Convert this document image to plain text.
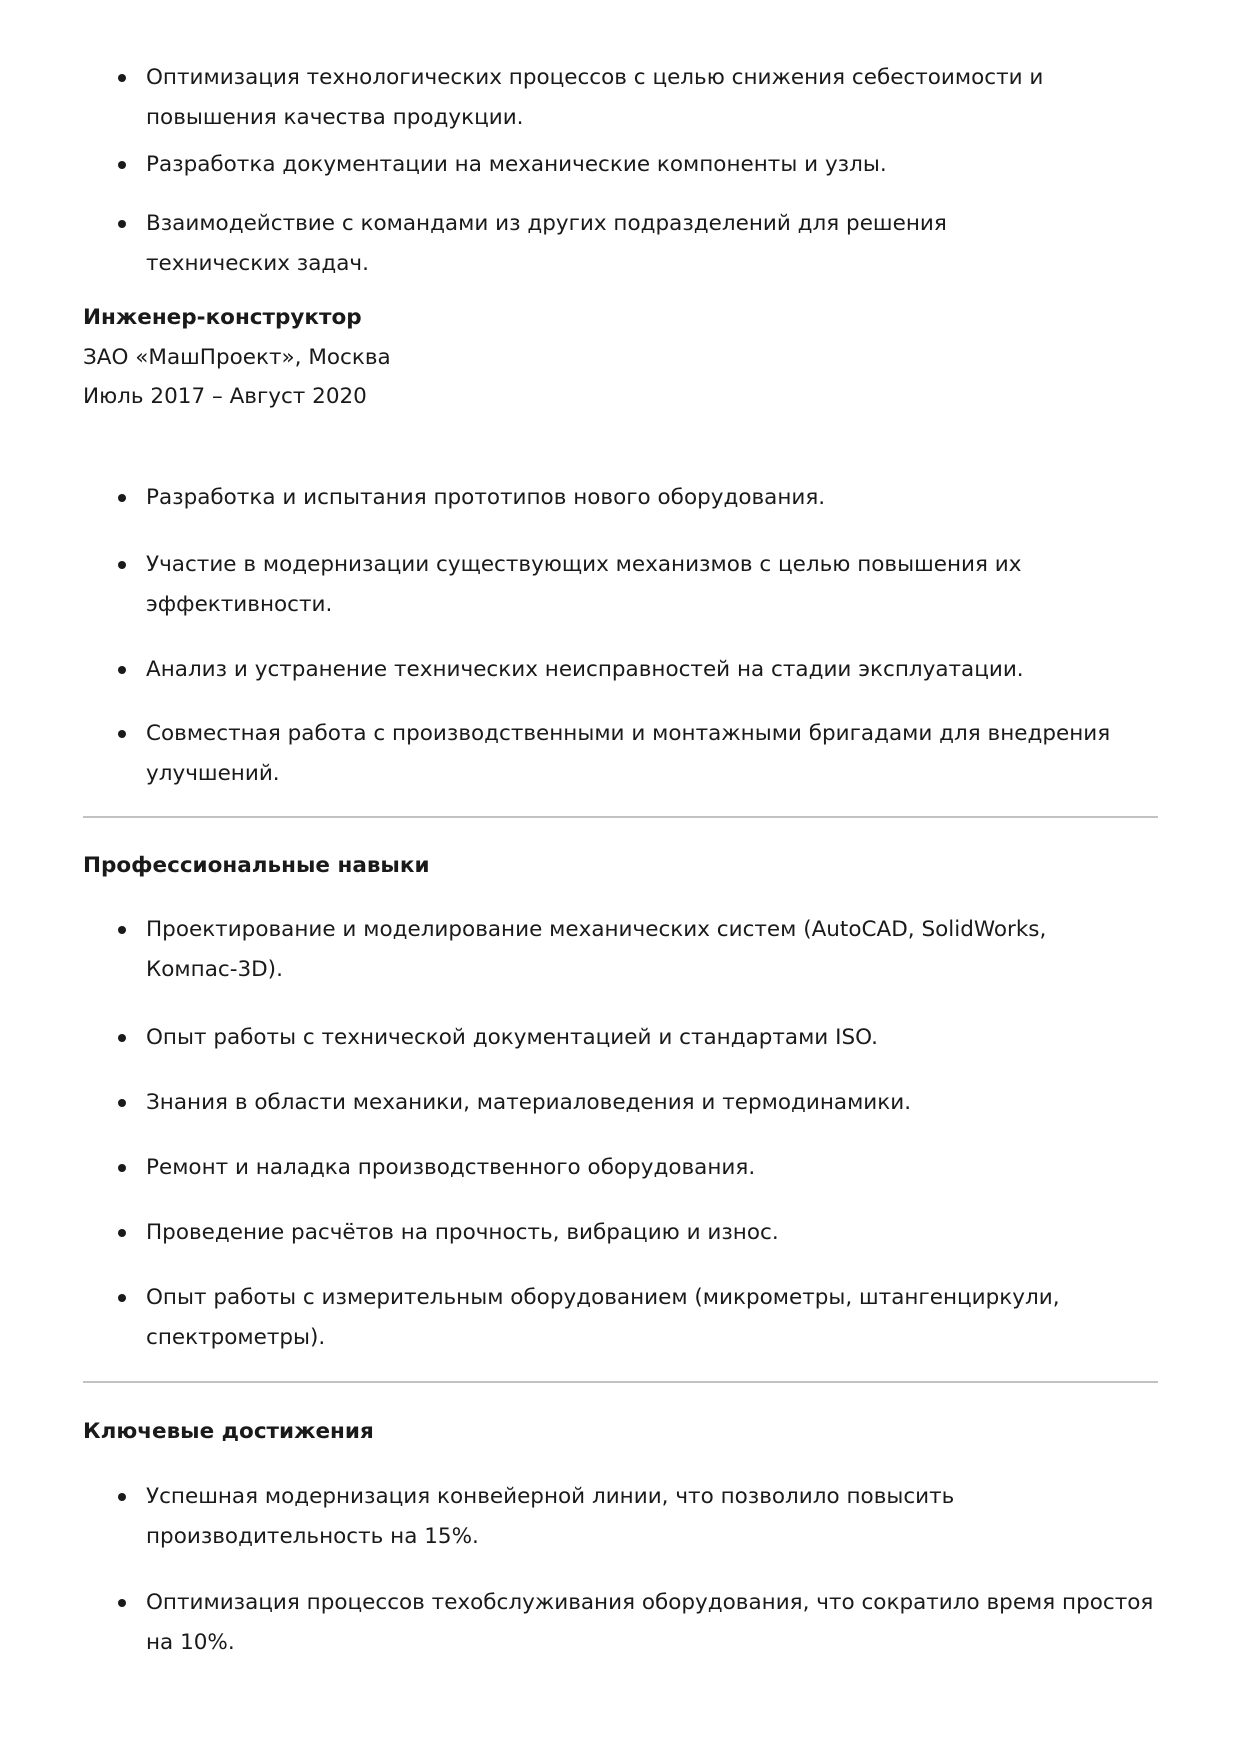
Оптимизация технологических процессов с целью снижения себестоимости и повышения качества продукции.
Разработка документации на механические компоненты и узлы.
Взаимодействие с командами из других подразделений для решения технических задач.
Инженер-конструктор
ЗАО «МашПроект», Москва
Июль 2017 – Август 2020
Разработка и испытания прототипов нового оборудования.
Участие в модернизации существующих механизмов с целью повышения их эффективности.
Анализ и устранение технических неисправностей на стадии эксплуатации.
Совместная работа с производственными и монтажными бригадами для внедрения улучшений.
Профессиональные навыки
Проектирование и моделирование механических систем (AutoCAD, SolidWorks, Компас-3D).
Опыт работы с технической документацией и стандартами ISO.
Знания в области механики, материаловедения и термодинамики.
Ремонт и наладка производственного оборудования.
Проведение расчётов на прочность, вибрацию и износ.
Опыт работы с измерительным оборудованием (микрометры, штангенциркули, спектрометры).
Ключевые достижения
Успешная модернизация конвейерной линии, что позволило повысить производительность на 15%.
Оптимизация процессов техобслуживания оборудования, что сократило время простоя на 10%.
